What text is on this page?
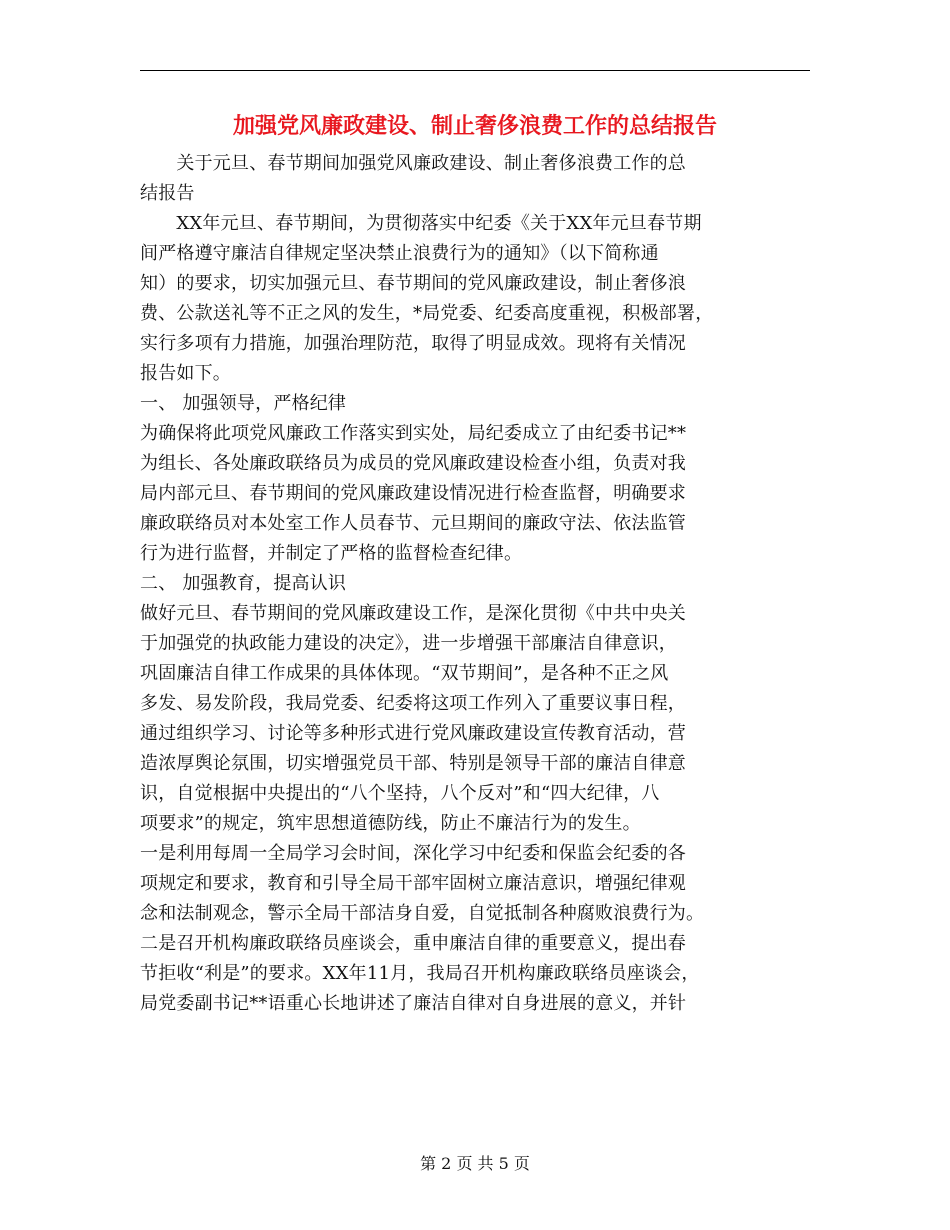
加强党风廉政建设、制止奢侈浪费工作的总结报告
　　关于元旦、春节期间加强党风廉政建设、制止奢侈浪费工作的总
结报告
　　XX年元旦、春节期间，为贯彻落实中纪委《关于XX年元旦春节期
间严格遵守廉洁自律规定坚决禁止浪费行为的通知》（以下简称通
知）的要求，切实加强元旦、春节期间的党风廉政建设，制止奢侈浪
费、公款送礼等不正之风的发生，*局党委、纪委高度重视，积极部署，
实行多项有力措施，加强治理防范，取得了明显成效。现将有关情况
报告如下。
一、 加强领导，严格纪律
为确保将此项党风廉政工作落实到实处，局纪委成立了由纪委书记**
为组长、各处廉政联络员为成员的党风廉政建设检查小组，负责对我
局内部元旦、春节期间的党风廉政建设情况进行检查监督，明确要求
廉政联络员对本处室工作人员春节、元旦期间的廉政守法、依法监管
行为进行监督，并制定了严格的监督检查纪律。
二、 加强教育，提高认识
做好元旦、春节期间的党风廉政建设工作，是深化贯彻《中共中央关
于加强党的执政能力建设的决定》，进一步增强干部廉洁自律意识，
巩固廉洁自律工作成果的具体体现。“双节期间”，是各种不正之风
多发、易发阶段，我局党委、纪委将这项工作列入了重要议事日程，
通过组织学习、讨论等多种形式进行党风廉政建设宣传教育活动，营
造浓厚舆论氛围，切实增强党员干部、特别是领导干部的廉洁自律意
识，自觉根据中央提出的“八个坚持，八个反对”和“四大纪律，八
项要求”的规定，筑牢思想道德防线，防止不廉洁行为的发生。
一是利用每周一全局学习会时间，深化学习中纪委和保监会纪委的各
项规定和要求，教育和引导全局干部牢固树立廉洁意识，增强纪律观
念和法制观念，警示全局干部洁身自爱，自觉抵制各种腐败浪费行为。
二是召开机构廉政联络员座谈会，重申廉洁自律的重要意义，提出春
节拒收“利是”的要求。XX年11月，我局召开机构廉政联络员座谈会，
局党委副书记**语重心长地讲述了廉洁自律对自身进展的意义，并针
第 2 页 共 5 页
